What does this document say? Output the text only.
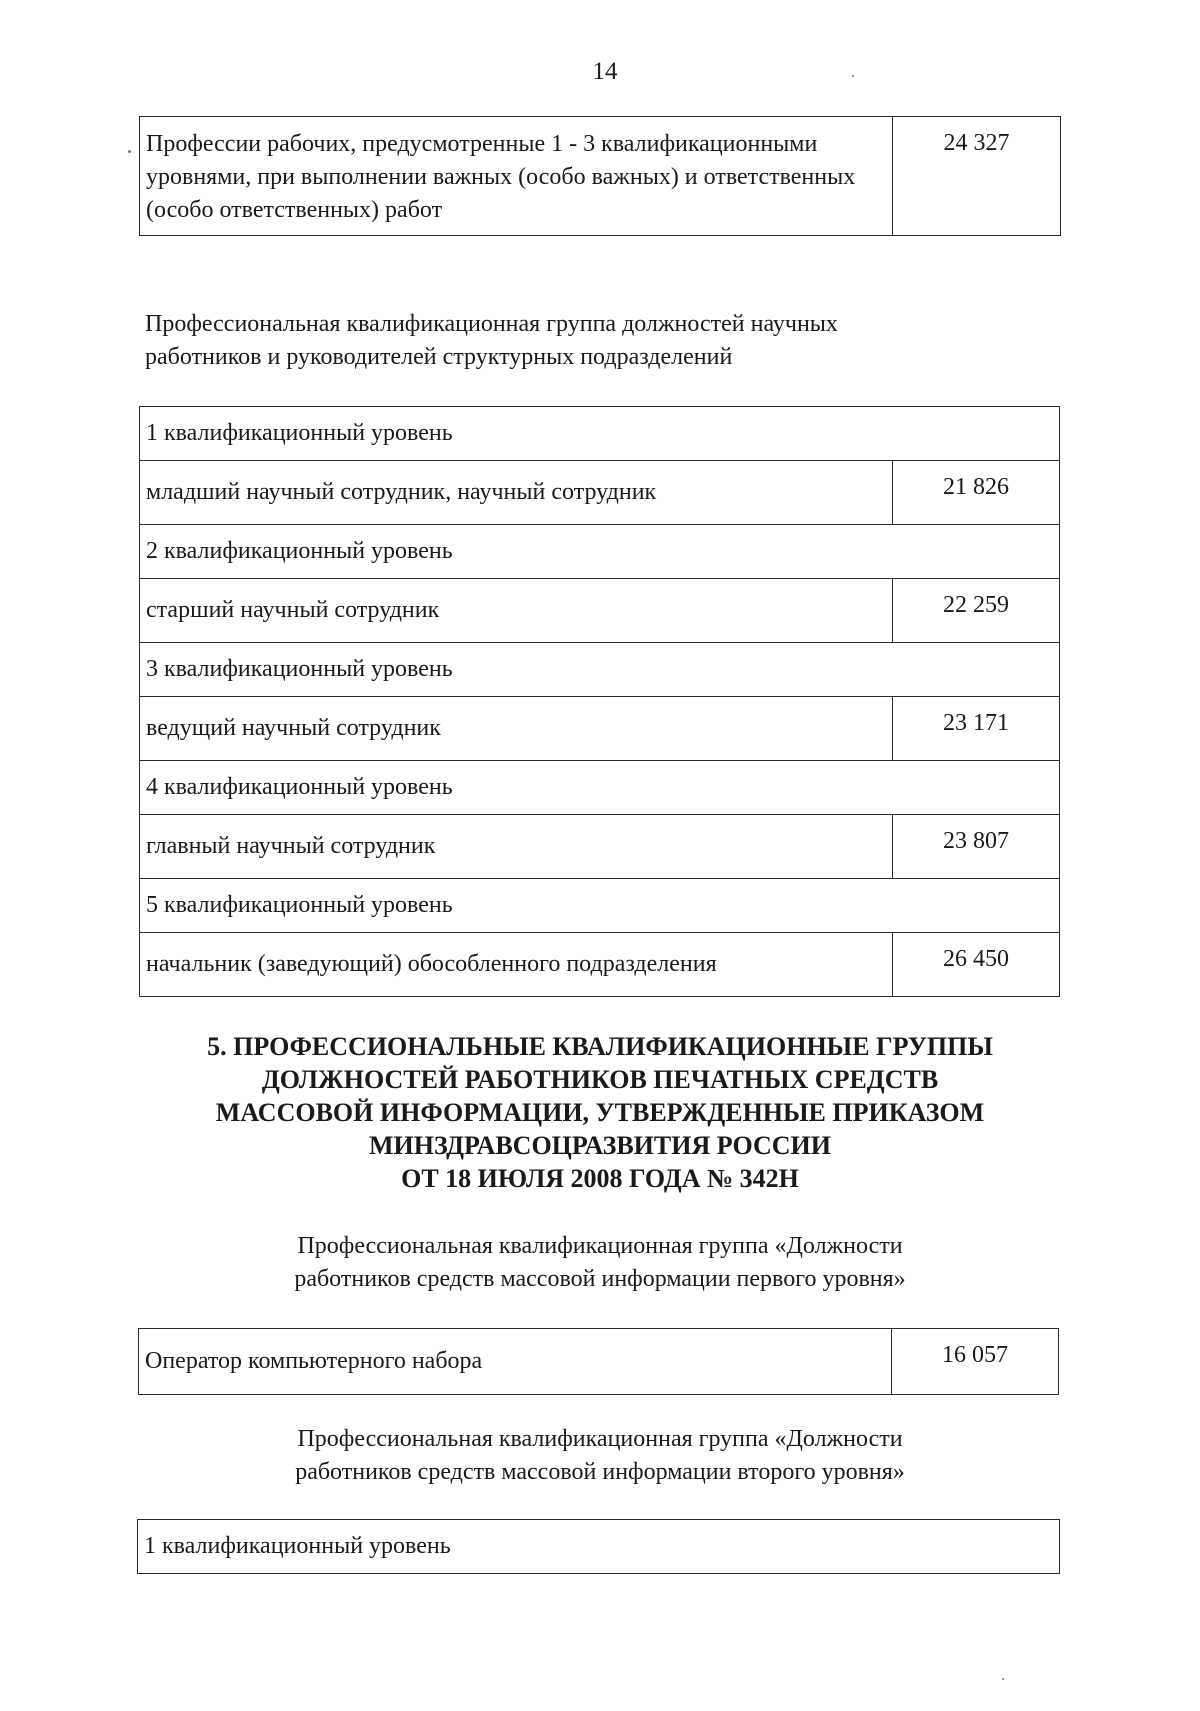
14
Профессии рабочих, предусмотренные 1 - 3 квалификационными уровнями, при выполнении важных (особо важных) и ответственных (особо ответственных) работ	24 327
Профессиональная квалификационная группа должностей научных
работников и руководителей структурных подразделений
1 квалификационный уровень	
младший научный сотрудник, научный сотрудник	21 826
2 квалификационный уровень	
старший научный сотрудник	22 259
3 квалификационный уровень	
ведущий научный сотрудник	23 171
4 квалификационный уровень	
главный научный сотрудник	23 807
5 квалификационный уровень	
начальник (заведующий) обособленного подразделения	26 450
5. ПРОФЕССИОНАЛЬНЫЕ КВАЛИФИКАЦИОННЫЕ ГРУППЫ
ДОЛЖНОСТЕЙ РАБОТНИКОВ ПЕЧАТНЫХ СРЕДСТВ
МАССОВОЙ ИНФОРМАЦИИ, УТВЕРЖДЕННЫЕ ПРИКАЗОМ
МИНЗДРАВСОЦРАЗВИТИЯ РОССИИ
ОТ 18 ИЮЛЯ 2008 ГОДА № 342Н
Профессиональная квалификационная группа «Должности
работников средств массовой информации первого уровня»
Оператор компьютерного набора	16 057
Профессиональная квалификационная группа «Должности
работников средств массовой информации второго уровня»
1 квалификационный уровень
